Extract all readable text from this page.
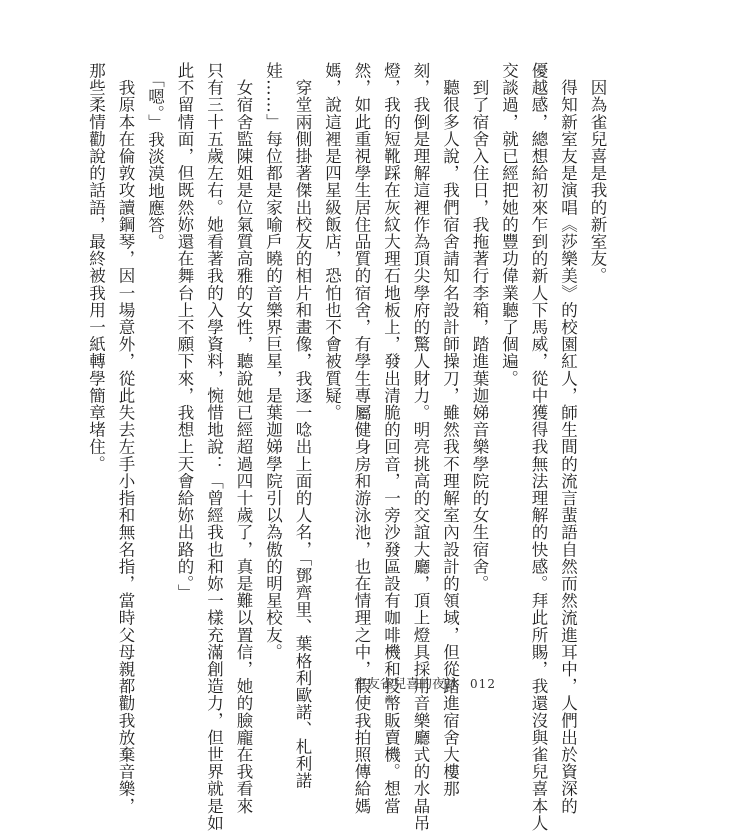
　因為雀兒喜是我的新室友。

　得知新室友是演唱《莎樂美》的校園紅人，師生間的流言蜚語自然而然流進耳中，人們出於資深的

優越感，總想給初來乍到的新人下馬威，從中獲得我無法理解的快感。拜此所賜，我還沒與雀兒喜本人

交談過，就已經把她的豐功偉業聽了個遍。

　到了宿舍入住日，我拖著行李箱，踏進葉迦娣音樂學院的女生宿舍。

　聽很多人說，我們宿舍請知名設計師操刀，雖然我不理解室內設計的領域，但從踏進宿舍大樓那

刻，我倒是理解這裡作為頂尖學府的驚人財力。明亮挑高的交誼大廳，頂上燈具採用音樂廳式的水晶吊

燈，我的短靴踩在灰紋大理石地板上，發出清脆的回音，一旁沙發區設有咖啡機和投幣販賣機。想當

然，如此重視學生居住品質的宿舍，有學生專屬健身房和游泳池，也在情理之中，假使我拍照傳給媽

媽，說這裡是四星級飯店，恐怕也不會被質疑。

　穿堂兩側掛著傑出校友的相片和畫像，我逐一唸出上面的人名，「鄧齊里、葉格利歐諾、札利諾

娃……」每位都是家喻戶曉的音樂界巨星，是葉迦娣學院引以為傲的明星校友。

　女宿舍監陳姐是位氣質高雅的女性，聽說她已經超過四十歲了，真是難以置信，她的臉龐在我看來

只有三十五歲左右。她看著我的入學資料，惋惜地說：「曾經我也和妳一樣充滿創造力，但世界就是如

此不留情面，但既然妳還在舞台上不願下來，我想上天會給妳出路的。」

　「嗯。」我淡漠地應答。

　我原本在倫敦攻讀鋼琴，因一場意外，從此失去左手小指和無名指，當時父母親都勸我放棄音樂，

那些柔情勸說的話語，最終被我用一紙轉學簡章堵住。

室友雀兒喜的夜詠 012
